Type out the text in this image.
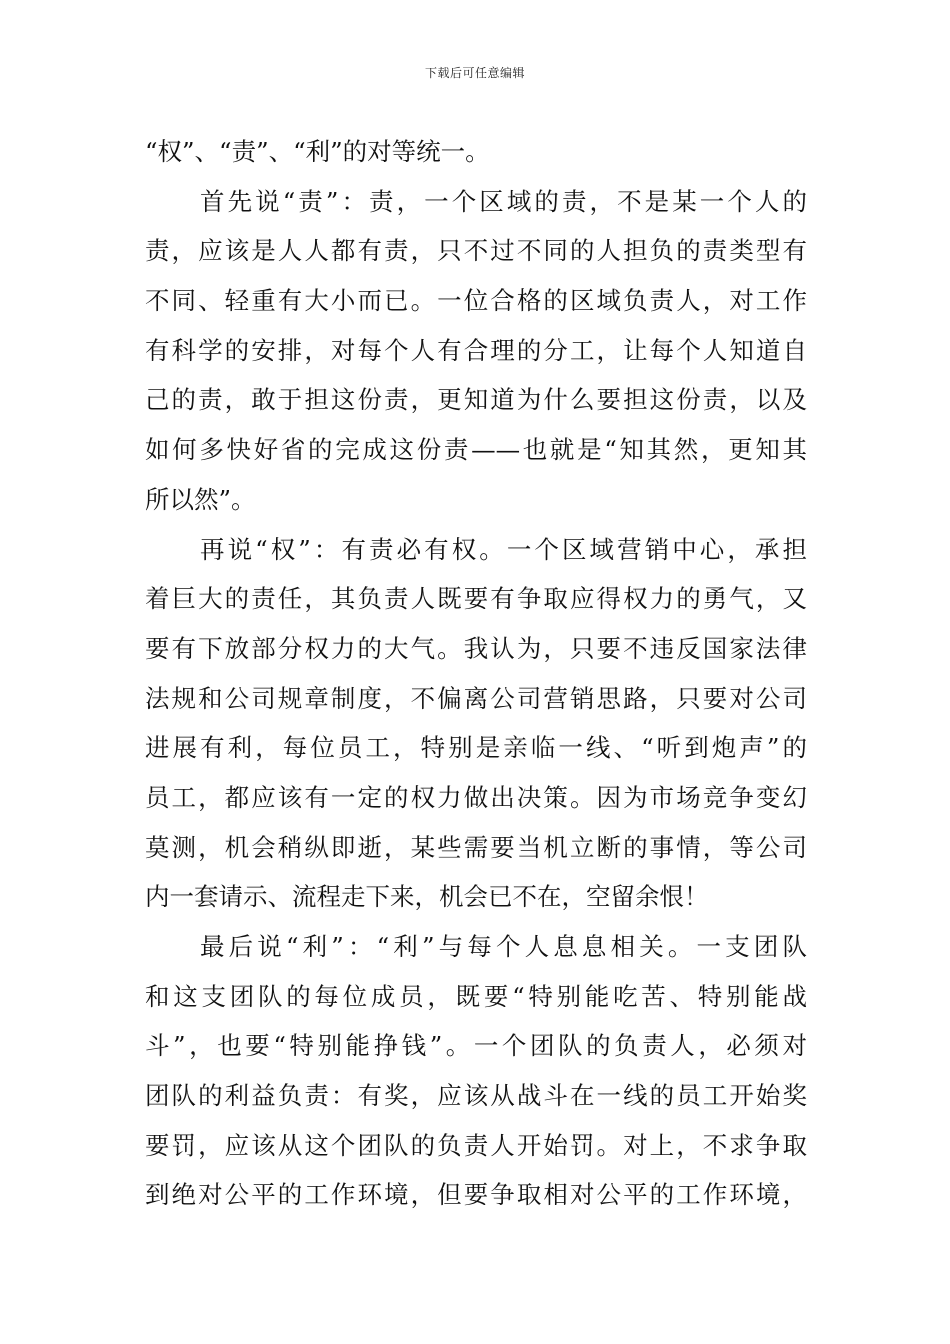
下载后可任意编辑
“权”、“责”、“利”的对等统一。
首先说“责”：责，一个区域的责，不是某一个人的
责，应该是人人都有责，只不过不同的人担负的责类型有
不同、轻重有大小而已。一位合格的区域负责人，对工作
有科学的安排，对每个人有合理的分工，让每个人知道自
己的责，敢于担这份责，更知道为什么要担这份责，以及
如何多快好省的完成这份责——也就是“知其然，更知其
所以然”。
再说“权”：有责必有权。一个区域营销中心，承担
着巨大的责任，其负责人既要有争取应得权力的勇气，又
要有下放部分权力的大气。我认为，只要不违反国家法律
法规和公司规章制度，不偏离公司营销思路，只要对公司
进展有利，每位员工，特别是亲临一线、“听到炮声”的
员工，都应该有一定的权力做出决策。因为市场竞争变幻
莫测，机会稍纵即逝，某些需要当机立断的事情，等公司
内一套请示、流程走下来，机会已不在，空留余恨！
最后说“利”：“利”与每个人息息相关。一支团队
和这支团队的每位成员，既要“特别能吃苦、特别能战
斗”，也要“特别能挣钱”。一个团队的负责人，必须对
团队的利益负责：有奖，应该从战斗在一线的员工开始奖
要罚，应该从这个团队的负责人开始罚。对上，不求争取
到绝对公平的工作环境，但要争取相对公平的工作环境，
